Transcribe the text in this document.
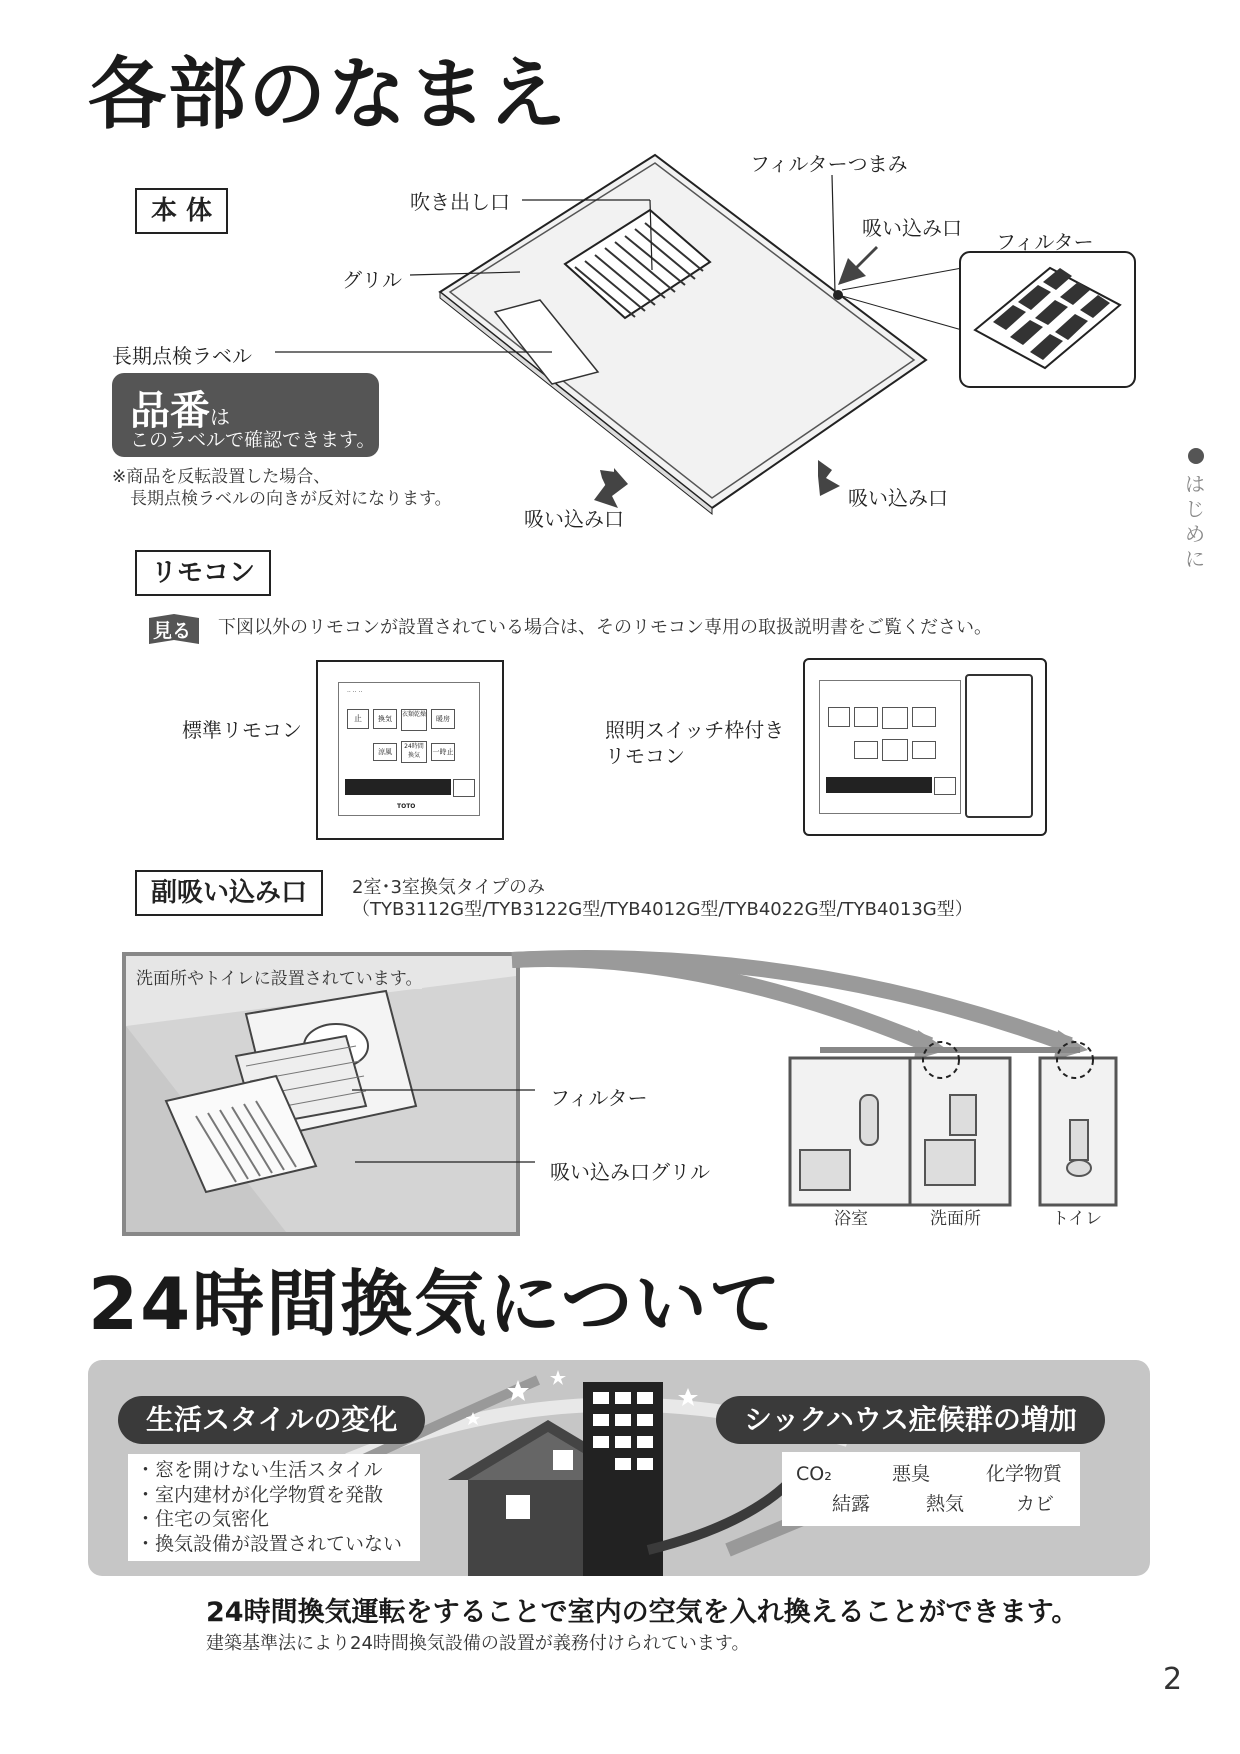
各部のなまえ
本 体	吹き出し口
フィルターつまみ
吸い込み口
フィルター
グリル
長期点検ラベル
吸い込み口
吸い込み口
品番は
このラベルで確認できます。
※商品を反転設置した場合、
長期点検ラベルの向きが反対になります。
はじめに
リモコン
見る 下図以外のリモコンが設置されている場合は、そのリモコン専用の取扱説明書をご覧ください。
標準リモコン	照明スイッチ枠付き
リモコン
·· ·· ··
止	換気
衣類乾燥
暖房
涼風
24時間換気	一時止
TOTO
副吸い込み口	2室･3室換気タイプのみ
（TYB3112G型/TYB3122G型/TYB4012G型/TYB4022G型/TYB4013G型）
洗面所やトイレに設置されています。
フィルター
吸い込み口グリル
浴室	洗面所	トイレ
24時間換気について
生活スタイルの変化	シックハウス症候群の増加
・窓を開けない生活スタイル
・室内建材が化学物質を発散
・住宅の気密化
・換気設備が設置されていない
CO₂	悪臭	化学物質
結露	熱気	カビ
24時間換気運転をすることで室内の空気を入れ換えることができます。
建築基準法により24時間換気設備の設置が義務付けられています。
2
